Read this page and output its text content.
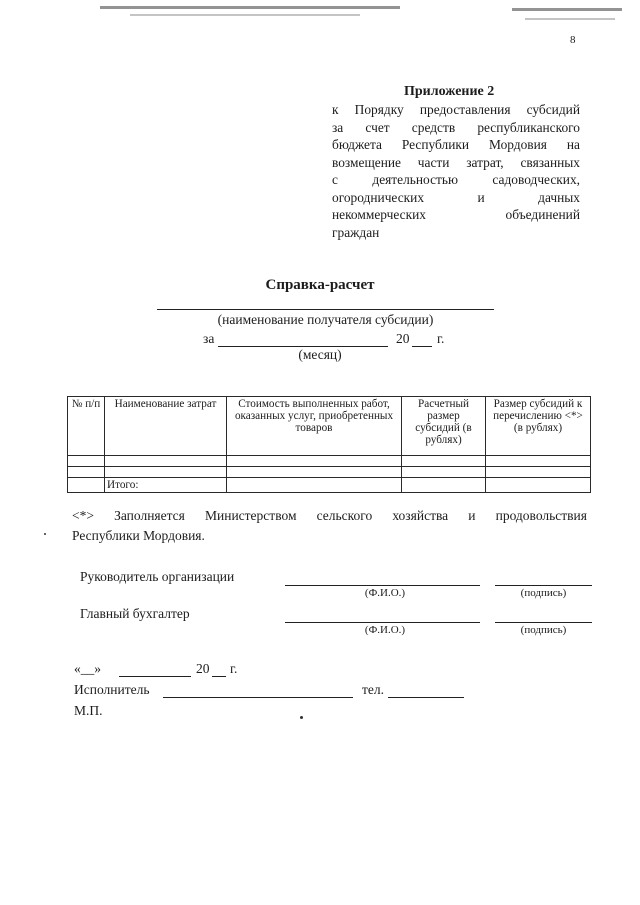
8
Приложение 2
к Порядку предоставления субсидий
за счет средств республиканского
бюджета Республики Мордовия на
возмещение части затрат, связанных
с деятельностью садоводческих,
огороднических и дачных
некоммерческих объединений
граждан
Справка-расчет
(наименование получателя субсидии)
за	20 г.
(месяц)
№ п/п	Наименование затрат	Стоимость выполненных работ, оказанных услуг, приобретенных товаров	Расчетный размер субсидий (в рублях)	Размер субсидий к перечислению <*> (в рублях)

	Итого:			
<*> Заполняется Министерством сельского хозяйства и продовольствия
Республики Мордовия.
Руководитель организации
(Ф.И.О.)	(подпись)
Главный бухгалтер
(Ф.И.О.)	(подпись)
«__»	20 г.
Исполнитель	тел.
М.П.
